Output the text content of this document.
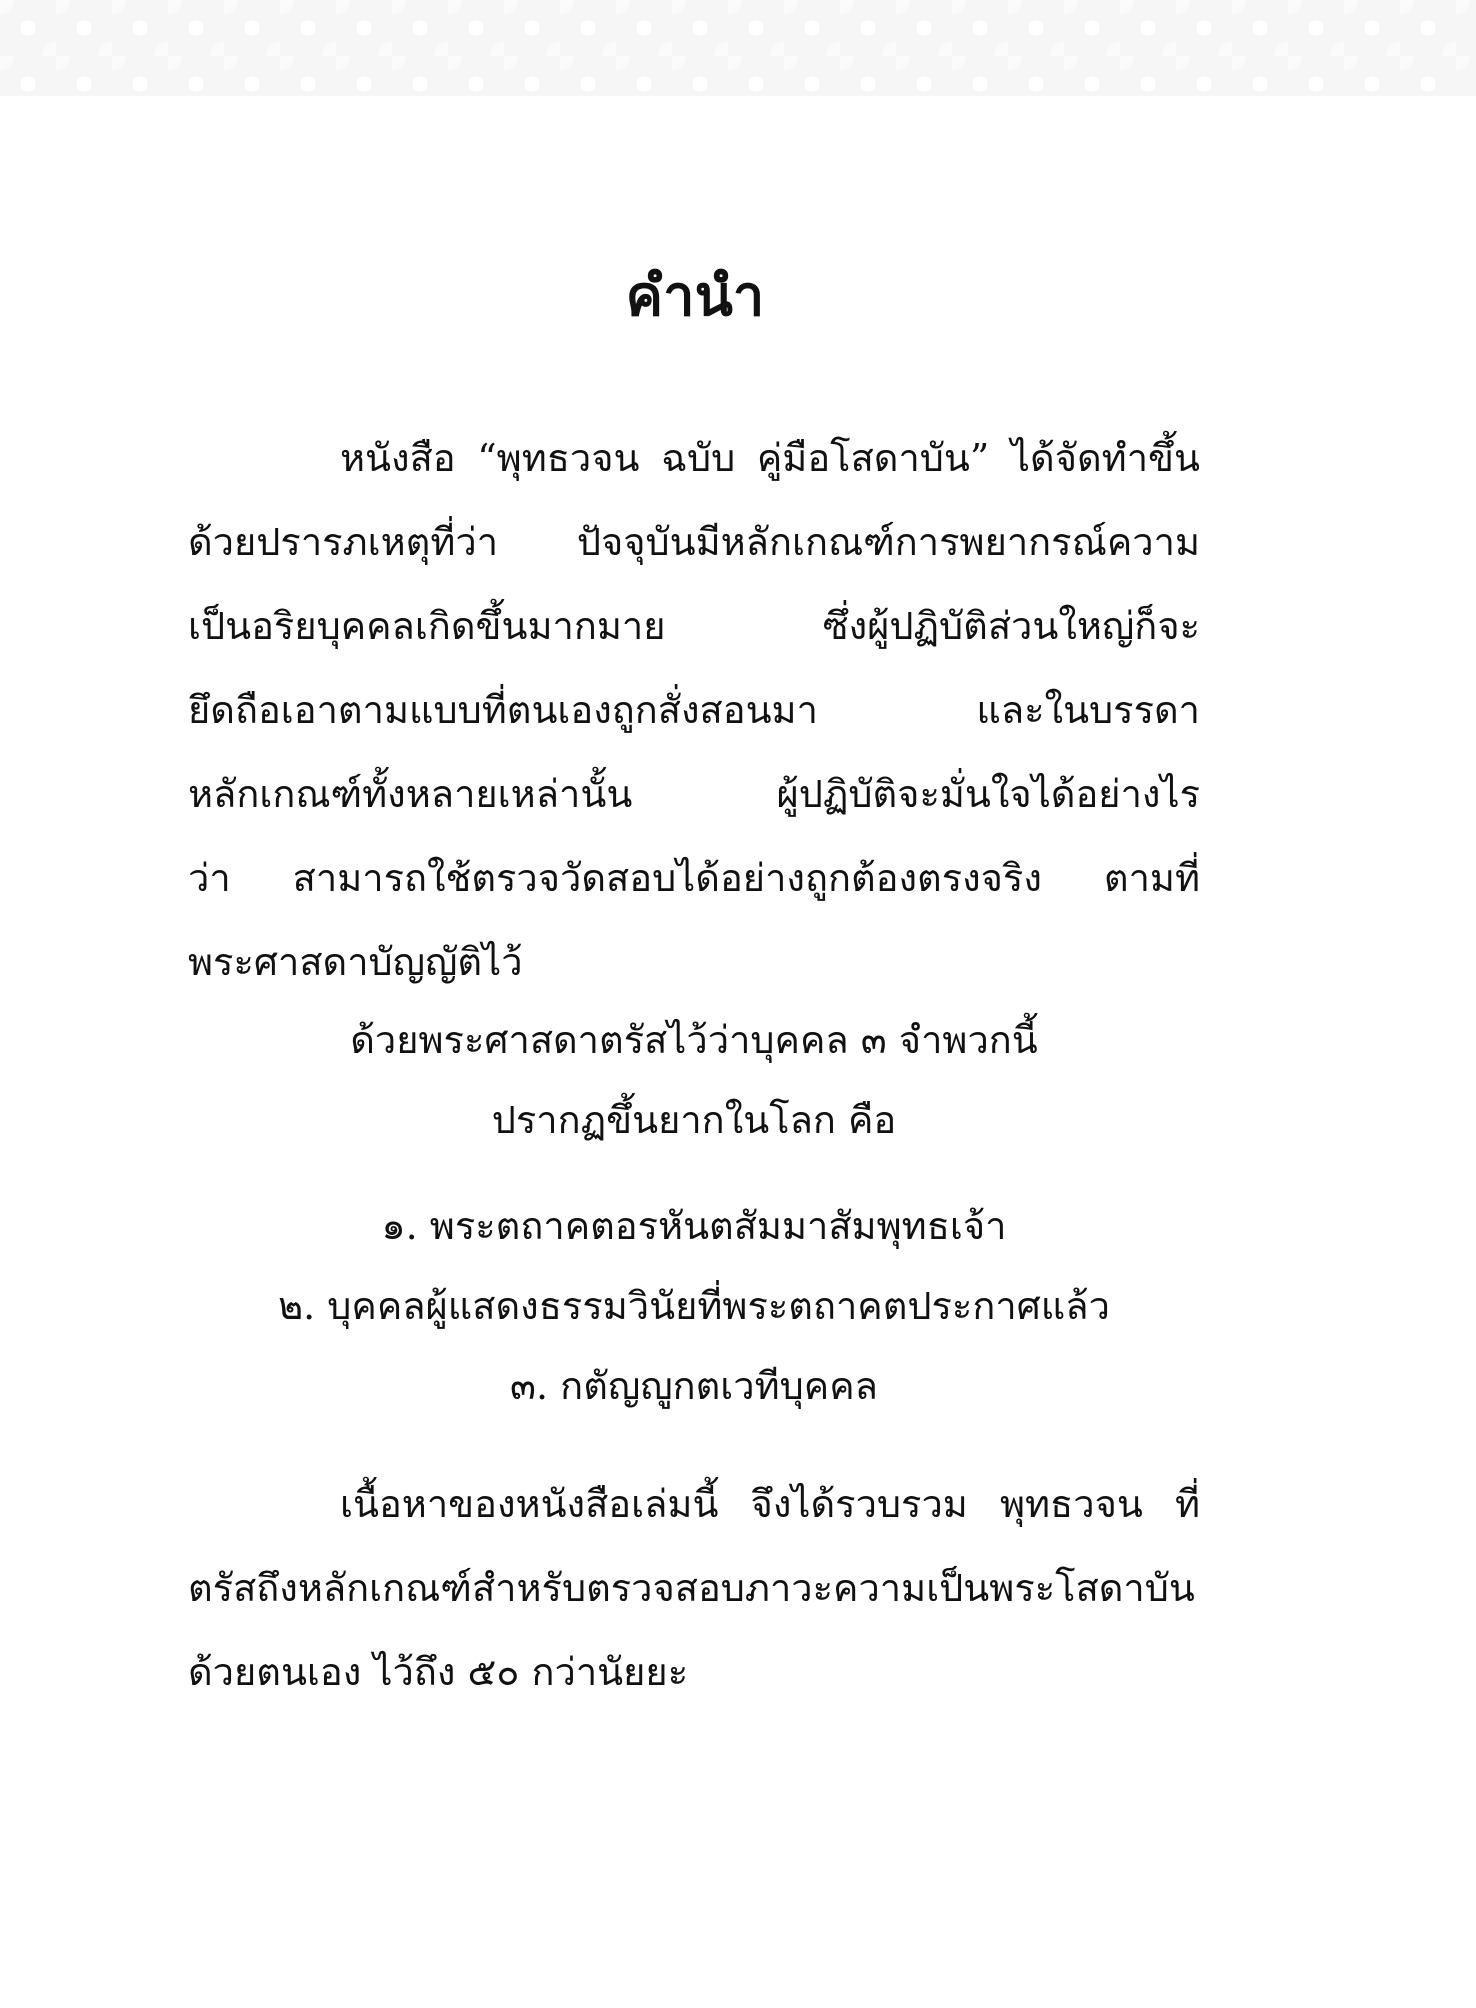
คำนำ
หนังสือ “พุทธวจน ฉบับ คู่มือโสดาบัน” ได้จัดทำขึ้น
ด้วยปรารภเหตุที่ว่า ปัจจุบันมีหลักเกณฑ์การพยากรณ์ความ
เป็นอริยบุคคลเกิดขึ้นมากมาย ซึ่งผู้ปฏิบัติส่วนใหญ่ก็จะ
ยึดถือเอาตามแบบที่ตนเองถูกสั่งสอนมา และในบรรดา
หลักเกณฑ์ทั้งหลายเหล่านั้น ผู้ปฏิบัติจะมั่นใจได้อย่างไร
ว่า สามารถใช้ตรวจวัดสอบได้อย่างถูกต้องตรงจริง ตามที่
พระศาสดาบัญญัติไว้
ด้วยพระศาสดาตรัสไว้ว่าบุคคล ๓ จำพวกนี้
ปรากฏขึ้นยากในโลก คือ
๑. พระตถาคตอรหันตสัมมาสัมพุทธเจ้า
๒. บุคคลผู้แสดงธรรมวินัยที่พระตถาคตประกาศแล้ว
๓. กตัญญูกตเวทีบุคคล
เนื้อหาของหนังสือเล่มนี้ จึงได้รวบรวม พุทธวจน ที่
ตรัสถึงหลักเกณฑ์สำหรับตรวจสอบภาวะความเป็นพระโสดาบัน
ด้วยตนเอง ไว้ถึง ๕๐ กว่านัยยะ
